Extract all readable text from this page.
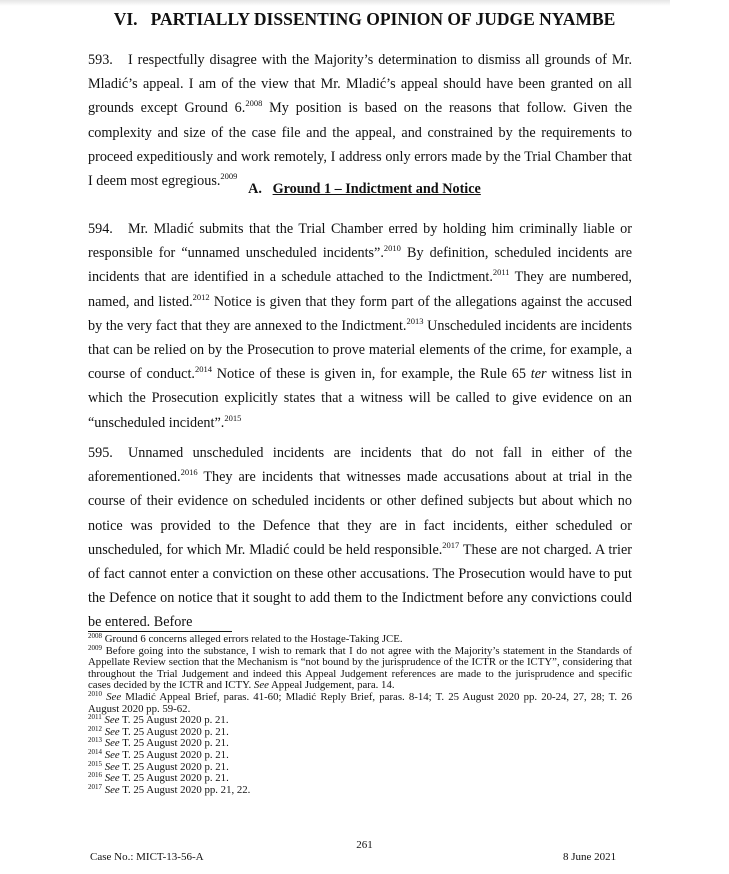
VI.   PARTIALLY DISSENTING OPINION OF JUDGE NYAMBE
593. I respectfully disagree with the Majority’s determination to dismiss all grounds of Mr. Mladić’s appeal. I am of the view that Mr. Mladić’s appeal should have been granted on all grounds except Ground 6.$^{2008}$ My position is based on the reasons that follow. Given the complexity and size of the case file and the appeal, and constrained by the requirements to proceed expeditiously and work remotely, I address only errors made by the Trial Chamber that I deem most egregious.$^{2009}$
A. Ground 1 – Indictment and Notice
594. Mr. Mladić submits that the Trial Chamber erred by holding him criminally liable or responsible for “unnamed unscheduled incidents”.$^{2010}$ By definition, scheduled incidents are incidents that are identified in a schedule attached to the Indictment.$^{2011}$ They are numbered, named, and listed.$^{2012}$ Notice is given that they form part of the allegations against the accused by the very fact that they are annexed to the Indictment.$^{2013}$ Unscheduled incidents are incidents that can be relied on by the Prosecution to prove material elements of the crime, for example, a course of conduct.$^{2014}$ Notice of these is given in, for example, the Rule 65 ter witness list in which the Prosecution explicitly states that a witness will be called to give evidence on an “unscheduled incident”.$^{2015}$
595. Unnamed unscheduled incidents are incidents that do not fall in either of the aforementioned.$^{2016}$ They are incidents that witnesses made accusations about at trial in the course of their evidence on scheduled incidents or other defined subjects but about which no notice was provided to the Defence that they are in fact incidents, either scheduled or unscheduled, for which Mr. Mladić could be held responsible.$^{2017}$ These are not charged. A trier of fact cannot enter a conviction on these other accusations. The Prosecution would have to put the Defence on notice that it sought to add them to the Indictment before any convictions could be entered. Before
$^{2008}$ Ground 6 concerns alleged errors related to the Hostage-Taking JCE.
$^{2009}$ Before going into the substance, I wish to remark that I do not agree with the Majority’s statement in the Standards of Appellate Review section that the Mechanism is “not bound by the jurisprudence of the ICTR or the ICTY”, considering that throughout the Trial Judgement and indeed this Appeal Judgement references are made to the jurisprudence and specific cases decided by the ICTR and ICTY. See Appeal Judgement, para. 14.
$^{2010}$ See Mladić Appeal Brief, paras. 41-60; Mladić Reply Brief, paras. 8-14; T. 25 August 2020 pp. 20-24, 27, 28; T. 26 August 2020 pp. 59-62.
$^{2011}$ See T. 25 August 2020 p. 21.
$^{2012}$ See T. 25 August 2020 p. 21.
$^{2013}$ See T. 25 August 2020 p. 21.
$^{2014}$ See T. 25 August 2020 p. 21.
$^{2015}$ See T. 25 August 2020 p. 21.
$^{2016}$ See T. 25 August 2020 p. 21.
$^{2017}$ See T. 25 August 2020 pp. 21, 22.
261
Case No.: MICT-13-56-A	8 June 2021
